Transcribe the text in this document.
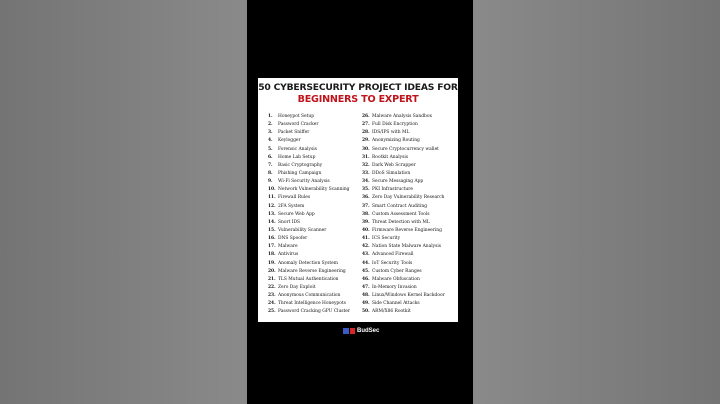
50 CYBERSECURITY PROJECT IDEAS FOR
BEGINNERS TO EXPERT
1.	Honeypot Setup
2.	Password Cracker
3.	Packet Sniffer
4.	Keylogger
5.	Forensic Analysis
6.	Home Lab Setup
7.	Basic Cryptography
8.	Phishing Campaign
9.	Wi-Fi Security Analysis
10. Network Vulnerability Scanning
11. Firewall Rules
12. 2FA System
13. Secure Web App
14. Snort IDS
15. Vulnerability Scanner
16. DNS Spoofer
17. Malware
18. Antivirus
19. Anomaly Detection System
20. Malware Reverse Engineering
21. TLS Mutual Authentication
22. Zero Day Exploit
23. Anonymous Communication
24. Threat Intelligence Honeypots
25. Password Cracking GPU Cluster
26. Malware Analysis Sandbox
27. Full Disk Encryption
28. IDS/IPS with ML
29. Anonymizing Routing
30. Secure Cryptocurrency wallet
31. Rootkit Analysis
32. Dark Web Scrapper
33. DDoS Simulation
34. Secure Messaging App
35. PKI Infrastructure
36. Zero Day Vulnerability Research
37. Smart Contract Auditing
38. Custom Assessment Tools
39. Threat Detection with ML
40. Firmware Reverse Engineering
41. ICS Security
42. Nation State Malware Analysis
43. Advanced Firewall
44. IoT Security Tools
45. Custom Cyber Ranges
46. Malware Obfuscation
47. In-Memory Invasion
48. Linux/Windows Kernel Backdoor
49. Side Channel Attacks
50. ARM/X86 Rootkit
BudSec
